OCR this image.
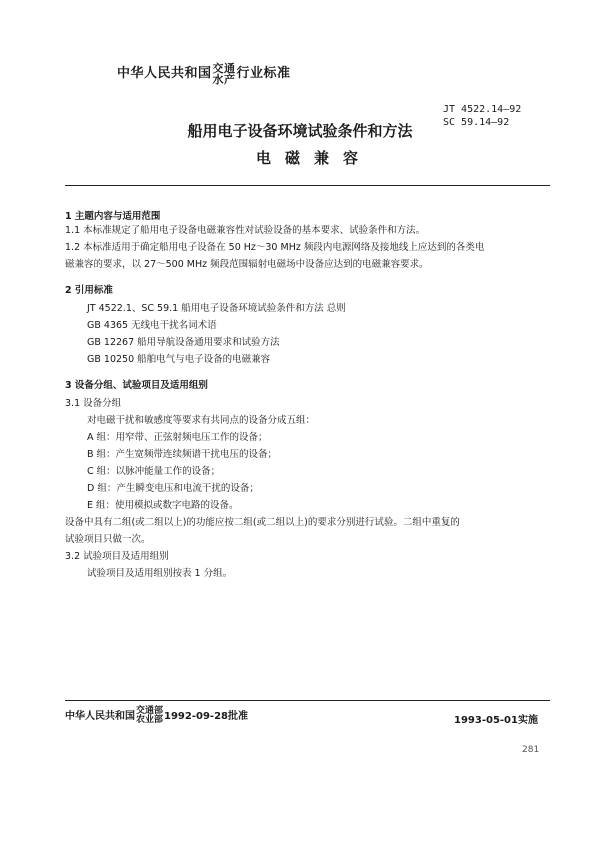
中华人民共和国 交通
水产 行业标准
JT 4522.14—92
SC 59.14—92
船用电子设备环境试验条件和方法
电磁兼容
1 主题内容与适用范围
1.1 本标准规定了船用电子设备电磁兼容性对试验设备的基本要求、试验条件和方法。
1.2 本标准适用于确定船用电子设备在 50 Hz～30 MHz 频段内电源网络及接地线上应达到的各类电
磁兼容的要求，以 27～500 MHz 频段范围辐射电磁场中设备应达到的电磁兼容要求。
2 引用标准
JT 4522.1、SC 59.1 船用电子设备环境试验条件和方法 总则
GB 4365 无线电干扰名词术语
GB 12267 船用导航设备通用要求和试验方法
GB 10250 船舶电气与电子设备的电磁兼容
3 设备分组、试验项目及适用组别
3.1 设备分组
对电磁干扰和敏感度等要求有共同点的设备分成五组：
A 组：用窄带、正弦射频电压工作的设备；
B 组：产生宽频带连续频谱干扰电压的设备；
C 组：以脉冲能量工作的设备；
D 组：产生瞬变电压和电流干扰的设备；
E 组：使用模拟或数字电路的设备。
设备中具有二组(或二组以上)的功能应按二组(或二组以上)的要求分别进行试验。二组中重复的
试验项目只做一次。
3.2 试验项目及适用组别
试验项目及适用组别按表 1 分组。
中华人民共和国 交通部
农业部 1992-09-28批准	1993-05-01实施
281
